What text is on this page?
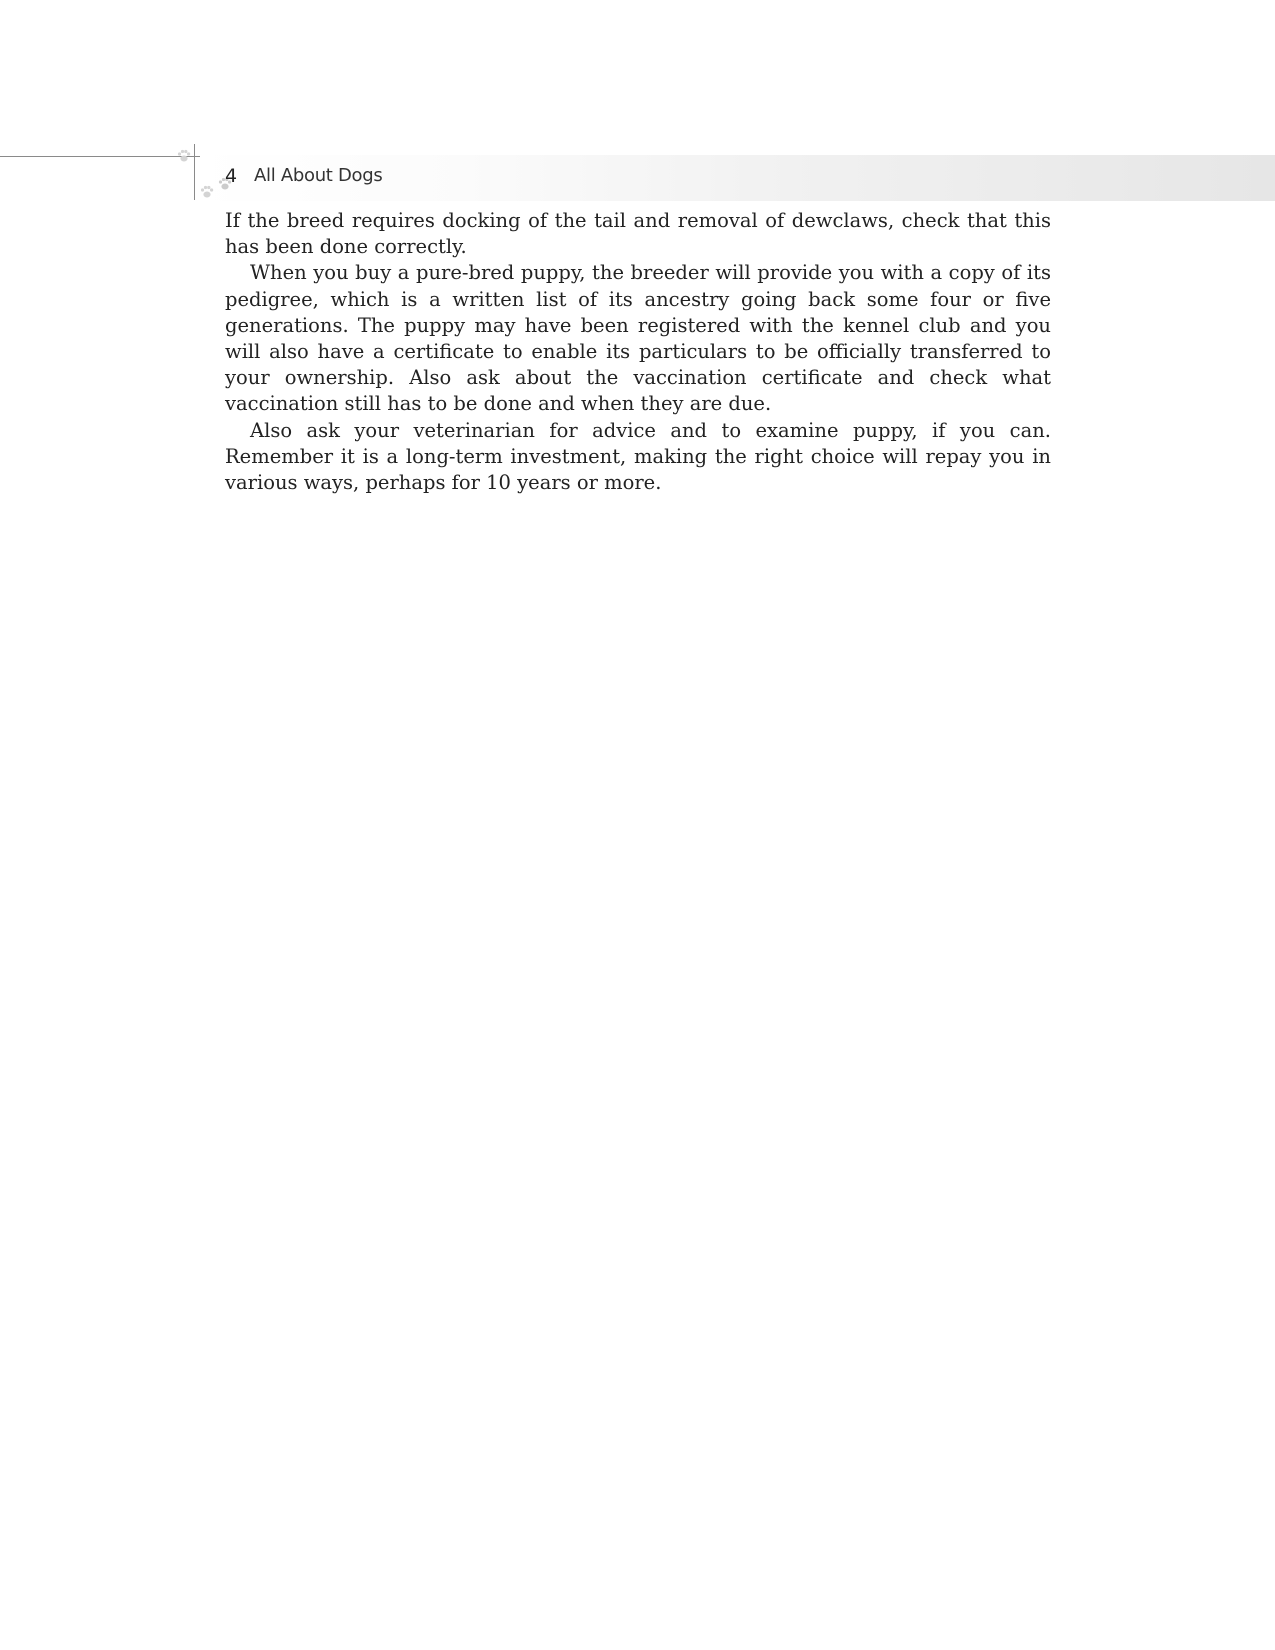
4 All About Dogs

If the breed requires docking of the tail and removal of dewclaws, check that this has been done correctly.

When you buy a pure-bred puppy, the breeder will provide you with a copy of its pedigree, which is a written list of its ancestry going back some four or five generations. The puppy may have been registered with the kennel club and you will also have a certificate to enable its particulars to be officially transferred to your ownership. Also ask about the vaccination certificate and check what vaccination still has to be done and when they are due.

Also ask your veterinarian for advice and to examine puppy, if you can. Remember it is a long-term investment, making the right choice will repay you in various ways, perhaps for 10 years or more.
